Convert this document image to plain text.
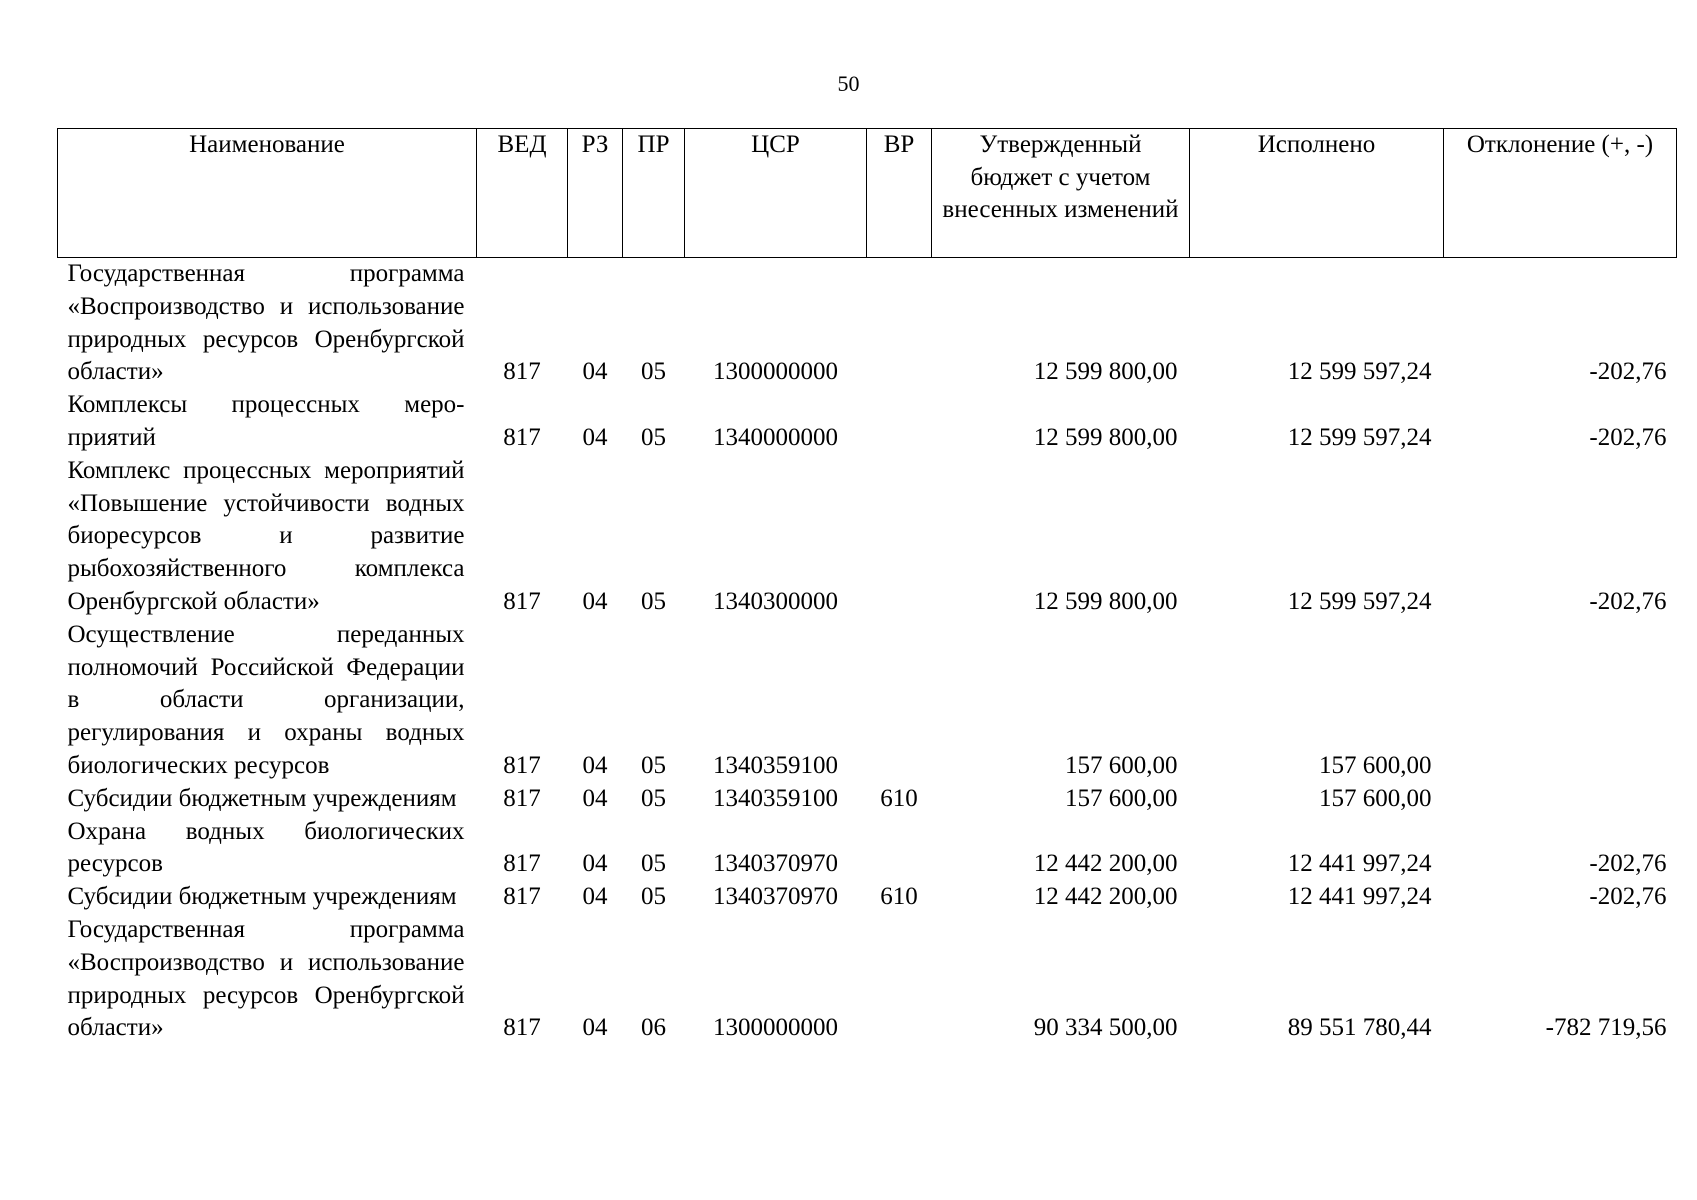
50
Наименование	ВЕД	РЗ	ПР	ЦСР	ВР	Утвержденный бюджет с учетом внесенных изменений	Исполнено	Отклонение (+, -)
Государственная программа «Воспроизводство и использование природных ресурсов Оренбургской области»	817	04	05	1300000000		12 599 800,00	12 599 597,24	-202,76
Комплексы процессных мероприятий	817	04	05	1340000000		12 599 800,00	12 599 597,24	-202,76
Комплекс процессных мероприятий «Повышение устойчивости водных биоресурсов и развитие рыбохозяйственного комплекса Оренбургской области»	817	04	05	1340300000		12 599 800,00	12 599 597,24	-202,76
Осуществление переданных полномочий Российской Федерации в области организации, регулирования и охраны водных биологических ресурсов	817	04	05	1340359100		157 600,00	157 600,00	
Субсидии бюджетным учреждениям	817	04	05	1340359100	610	157 600,00	157 600,00	
Охрана водных биологических ресурсов	817	04	05	1340370970		12 442 200,00	12 441 997,24	-202,76
Субсидии бюджетным учреждениям	817	04	05	1340370970	610	12 442 200,00	12 441 997,24	-202,76
Государственная программа «Воспроизводство и использование природных ресурсов Оренбургской области»	817	04	06	1300000000		90 334 500,00	89 551 780,44	-782 719,56
